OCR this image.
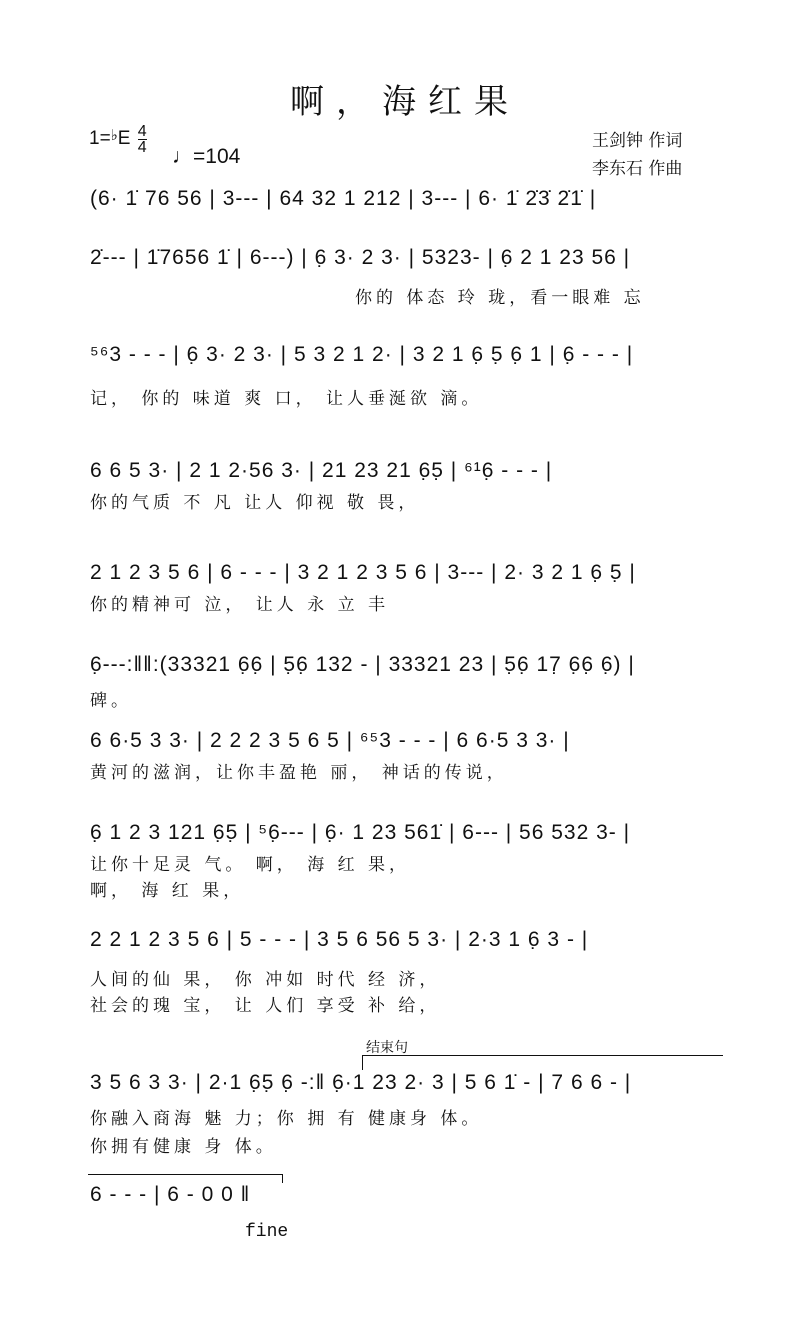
啊，海红果
$1=^♭E \frac{4}{4}$
♩=104
王剑钟 作词
李东石 作曲
(6· 1̇ 76 56 | 3--- | 64 32 1 212 | 3--- | 6· 1̇ 2̇3̇ 2̇1̇ |
2̇--- | 1̇7656 1̇ | 6---) | 6̣ 3· 2 3· | 5323- | 6̣ 2 1 23 56 |
你的 体态 玲 珑，看一眼难 忘
⁵⁶3 - - - | 6̣ 3· 2 3· | 5 3 2 1 2· | 3 2 1 6̣ 5̣ 6̣ 1 | 6̣ - - - |
记， 你的 味道 爽 口， 让人垂涎欲 滴。
6 6 5 3· | 2 1 2·56 3· | 21 23 21 6̣5̣ | ⁶¹6̣ - - - |
你的气质 不 凡 让人 仰视 敬 畏，
2 1 2 3 5 6 | 6 - - - | 3 2 1 2 3 5 6 | 3--- | 2· 3 2 1 6̣ 5̣ |
你的精神可 泣， 让人 永 立 丰
6̣---:‖‖:(33321 6̣6̣ | 5̣6̣ 132 - | 33321 23 | 5̣6̣ 17̣ 6̣6̣ 6̣) |
碑。
6 6·5 3 3· | 2 2 2 3 5 6 5 | ⁶⁵3 - - - | 6 6·5 3 3· |
黄河的滋润，让你丰盈艳 丽， 神话的传说，
6̣ 1 2 3 121 6̣5̣ | ⁵6̣--- | 6̣· 1 23 561̇ | 6--- | 56 532 3- |
让你十足灵 气。 啊， 海 红 果，
啊， 海 红 果，
2 2 1 2 3 5 6 | 5 - - - | 3 5 6 56 5 3· | 2·3 1 6̣ 3 - |
人间的仙 果， 你 冲如 时代 经 济，
社会的瑰 宝， 让 人们 享受 补 给，
结束句
3 5 6 3 3· | 2·1 6̣5̣ 6̣ -:‖ 6̣·1 23 2· 3 | 5 6 1̇ - | 7 6 6 - |
你融入商海 魅 力；你 拥 有 健康身 体。
你拥有健康 身 体。
6 - - - | 6 - 0 0 ‖
fine
